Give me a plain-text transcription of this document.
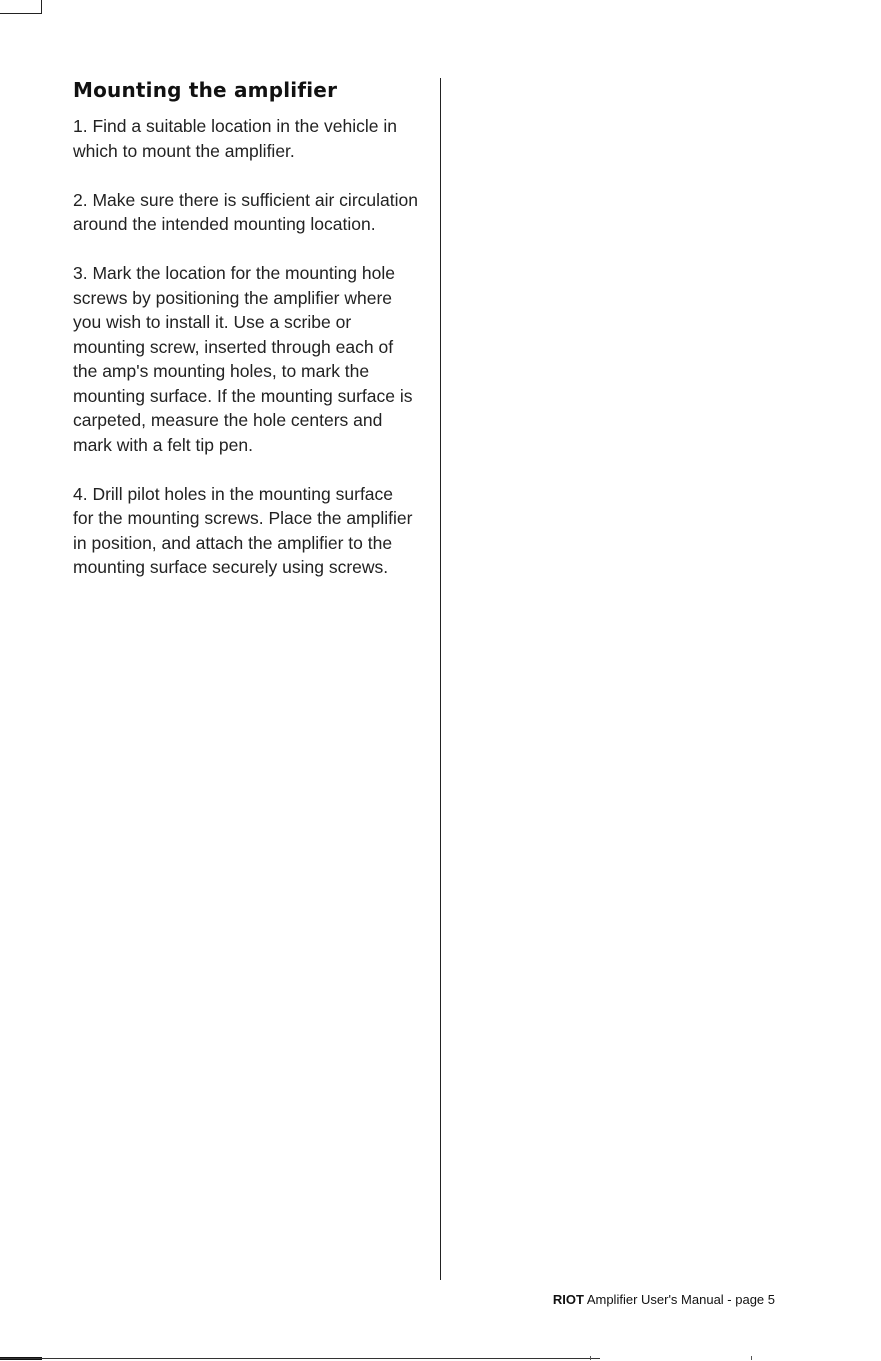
Mounting the amplifier

1. Find a suitable location in the vehicle in which to mount the amplifier.

2. Make sure there is sufficient air circulation around the intended mounting location.

3. Mark the location for the mounting hole screws by positioning the amplifier where you wish to install it. Use a scribe or mounting screw, inserted through each of the amp's mounting holes, to mark the mounting surface. If the mounting surface is carpeted, measure the hole centers and mark with a felt tip pen.

4. Drill pilot holes in the mounting surface for the mounting screws. Place the amplifier in position, and attach the amplifier to the mounting surface securely using screws.

RIOT Amplifier User's Manual - page 5
